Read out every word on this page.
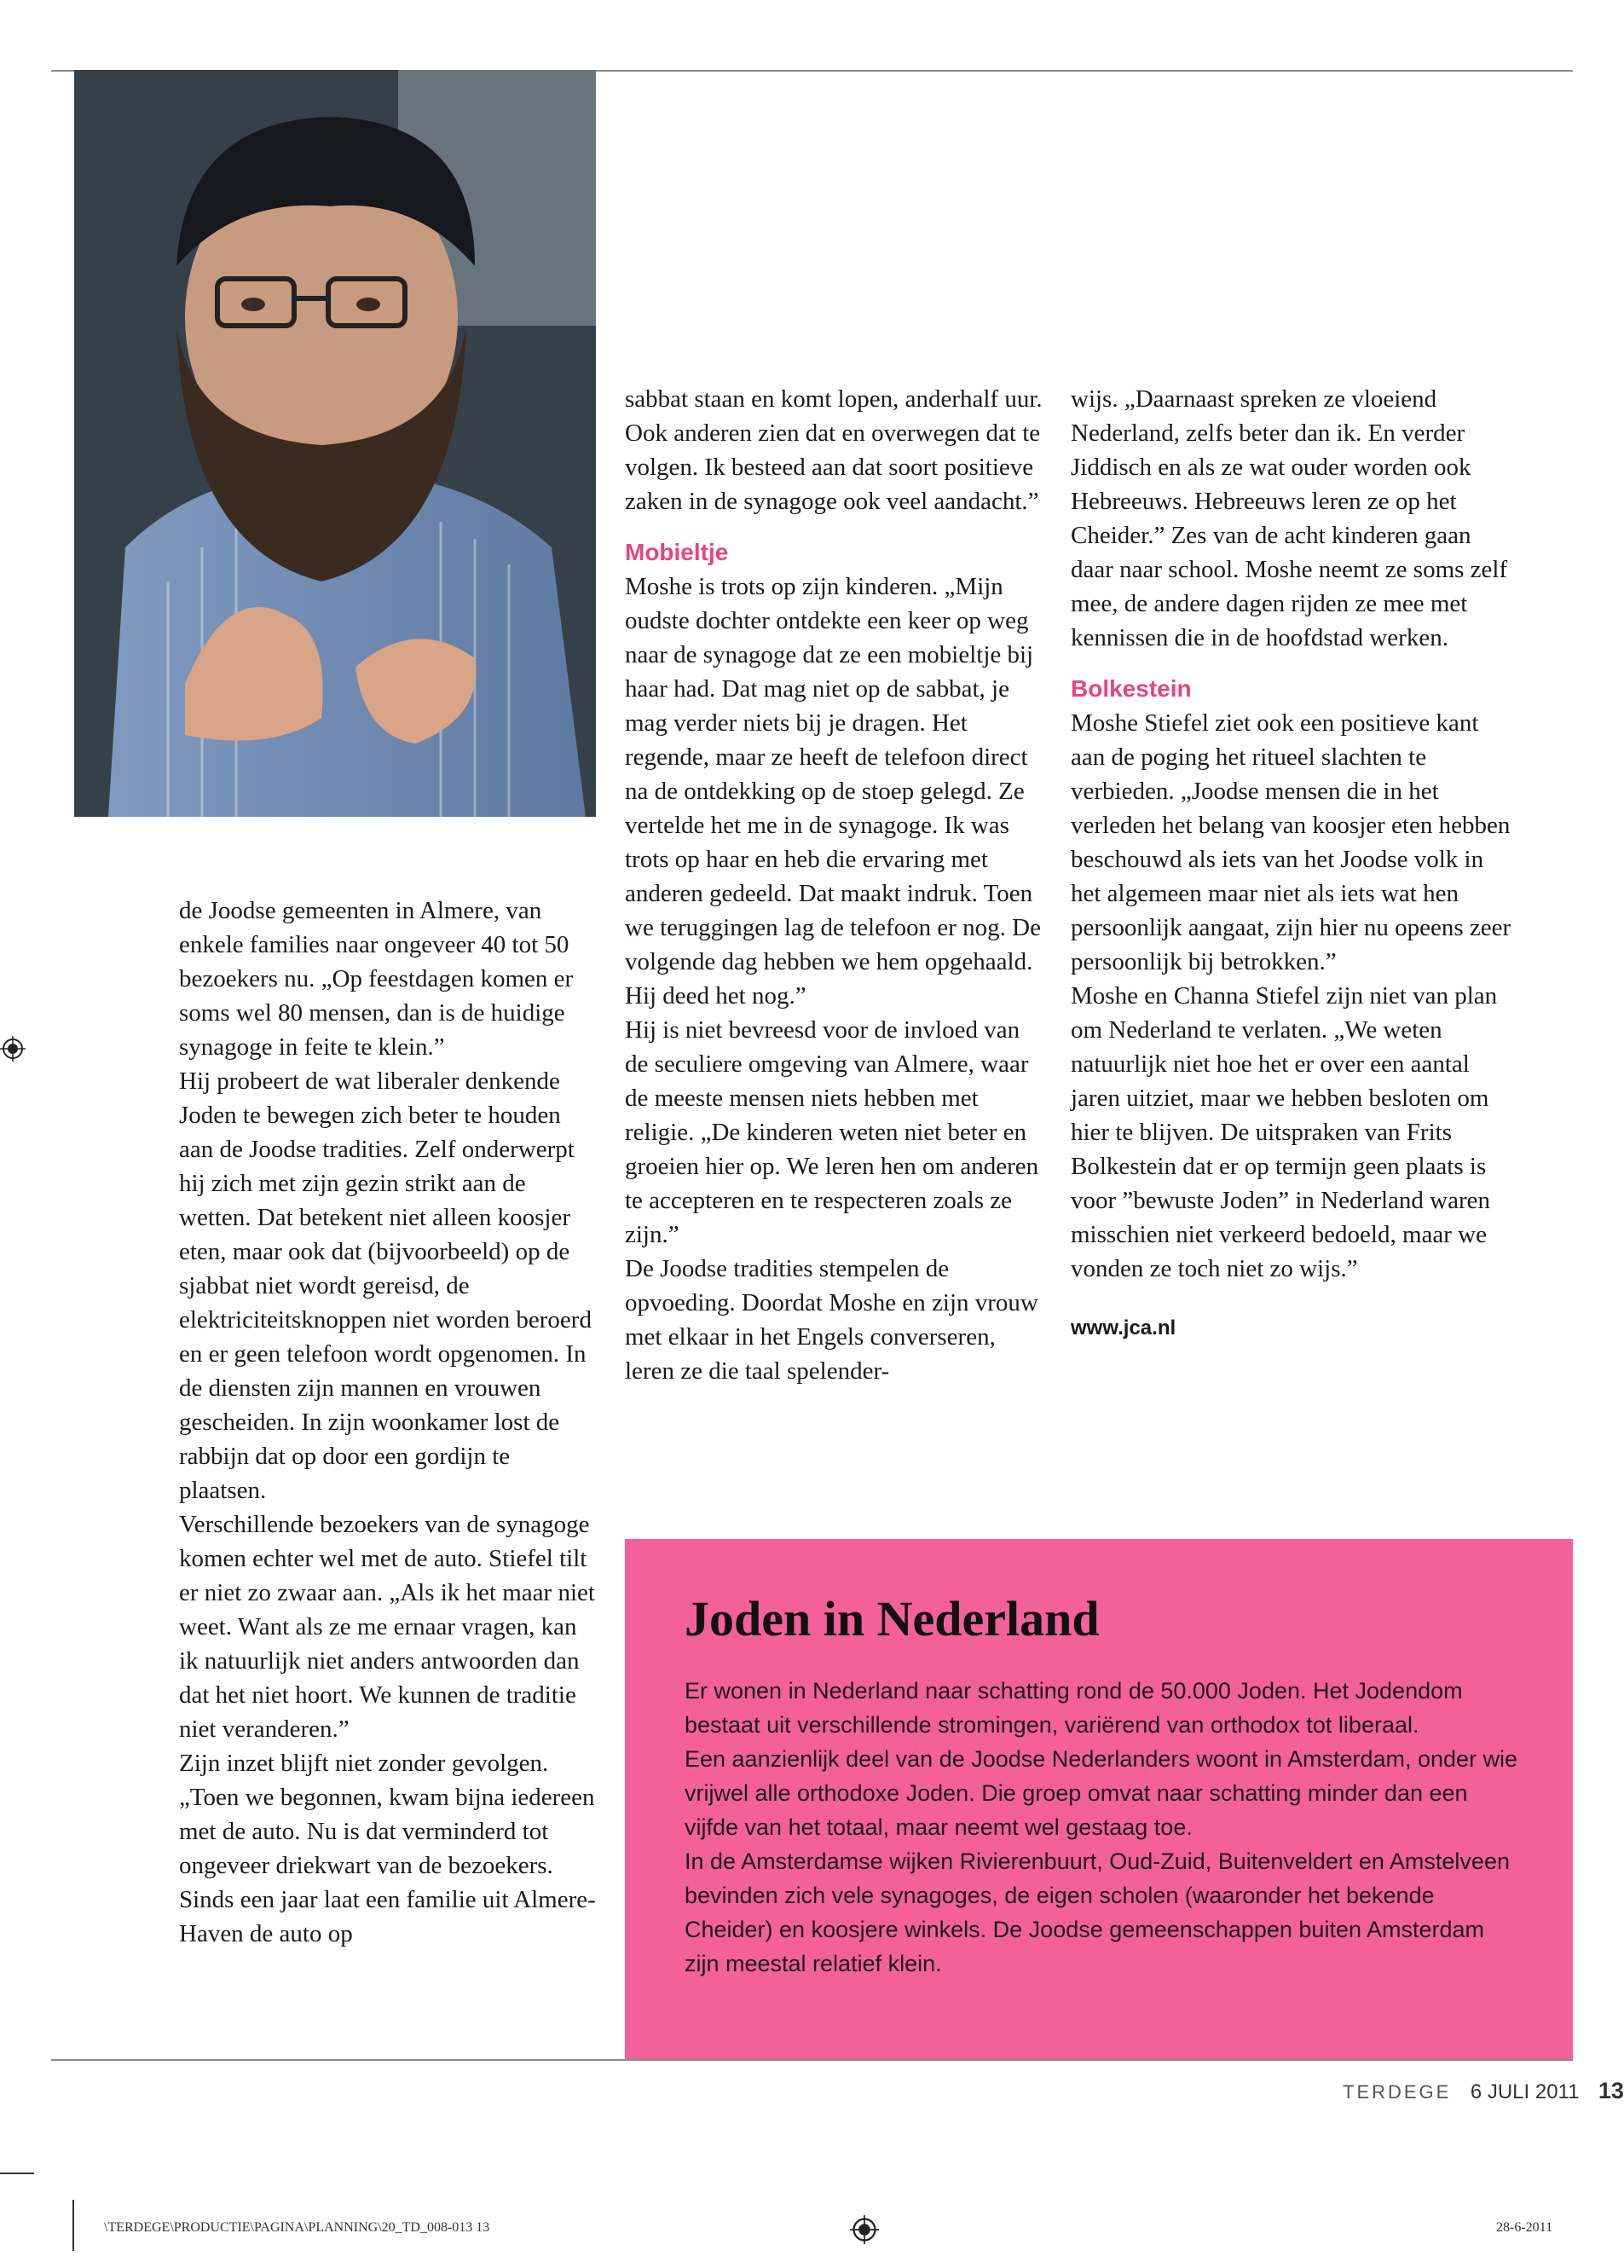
de Joodse gemeenten in Almere, van enkele families naar ongeveer 40 tot 50 bezoekers nu. „Op feestdagen komen er soms wel 80 mensen, dan is de huidige synagoge in feite te klein.”

Hij probeert de wat liberaler denkende Joden te bewegen zich beter te houden aan de Joodse tradities. Zelf onderwerpt hij zich met zijn gezin strikt aan de wetten. Dat betekent niet alleen koosjer eten, maar ook dat (bijvoorbeeld) op de sjabbat niet wordt gereisd, de elektriciteitsknoppen niet worden beroerd en er geen telefoon wordt opgenomen. In de diensten zijn mannen en vrouwen gescheiden. In zijn woonkamer lost de rabbijn dat op door een gordijn te plaatsen.

Verschillende bezoekers van de synagoge komen echter wel met de auto. Stiefel tilt er niet zo zwaar aan. „Als ik het maar niet weet. Want als ze me ernaar vragen, kan ik natuurlijk niet anders antwoorden dan dat het niet hoort. We kunnen de traditie niet veranderen.”

Zijn inzet blijft niet zonder gevolgen. „Toen we begonnen, kwam bijna iedereen met de auto. Nu is dat verminderd tot ongeveer driekwart van de bezoekers. Sinds een jaar laat een familie uit Almere-Haven de auto op

sabbat staan en komt lopen, anderhalf uur. Ook anderen zien dat en overwegen dat te volgen. Ik besteed aan dat soort positieve zaken in de synagoge ook veel aandacht.”

Mobieltje

Moshe is trots op zijn kinderen. „Mijn oudste dochter ontdekte een keer op weg naar de synagoge dat ze een mobieltje bij haar had. Dat mag niet op de sabbat, je mag verder niets bij je dragen. Het regende, maar ze heeft de telefoon direct na de ontdekking op de stoep gelegd. Ze vertelde het me in de synagoge. Ik was trots op haar en heb die ervaring met anderen gedeeld. Dat maakt indruk. Toen we teruggingen lag de telefoon er nog. De volgende dag hebben we hem opgehaald. Hij deed het nog.”

Hij is niet bevreesd voor de invloed van de seculiere omgeving van Almere, waar de meeste mensen niets hebben met religie. „De kinderen weten niet beter en groeien hier op. We leren hen om anderen te accepteren en te respecteren zoals ze zijn.”

De Joodse tradities stempelen de opvoeding. Doordat Moshe en zijn vrouw met elkaar in het Engels converseren, leren ze die taal spelender-

wijs. „Daarnaast spreken ze vloeiend Nederland, zelfs beter dan ik. En verder Jiddisch en als ze wat ouder worden ook Hebreeuws. Hebreeuws leren ze op het Cheider.” Zes van de acht kinderen gaan daar naar school. Moshe neemt ze soms zelf mee, de andere dagen rijden ze mee met kennissen die in de hoofdstad werken.

Bolkestein

Moshe Stiefel ziet ook een positieve kant aan de poging het ritueel slachten te verbieden. „Joodse mensen die in het verleden het belang van koosjer eten hebben beschouwd als iets van het Joodse volk in het algemeen maar niet als iets wat hen persoonlijk aangaat, zijn hier nu opeens zeer persoonlijk bij betrokken.”

Moshe en Channa Stiefel zijn niet van plan om Nederland te verlaten. „We weten natuurlijk niet hoe het er over een aantal jaren uitziet, maar we hebben besloten om hier te blijven. De uitspraken van Frits Bolkestein dat er op termijn geen plaats is voor ”bewuste Joden” in Nederland waren misschien niet verkeerd bedoeld, maar we vonden ze toch niet zo wijs.”

www.jca.nl

Joden in Nederland

Er wonen in Nederland naar schatting rond de 50.000 Joden. Het Jodendom bestaat uit verschillende stromingen, variërend van orthodox tot liberaal.

Een aanzienlijk deel van de Joodse Nederlanders woont in Amsterdam, onder wie vrijwel alle orthodoxe Joden. Die groep omvat naar schatting minder dan een vijfde van het totaal, maar neemt wel gestaag toe.

In de Amsterdamse wijken Rivierenbuurt, Oud-Zuid, Buitenveldert en Amstelveen bevinden zich vele synagoges, de eigen scholen (waaronder het bekende Cheider) en koosjere winkels. De Joodse gemeenschappen buiten Amsterdam zijn meestal relatief klein.

TERDEGE 6 JULI 2011 13
\TERDEGE\PRODUCTIE\PAGINA\PLANNING\20_TD_008-013 13	28-6-2011
